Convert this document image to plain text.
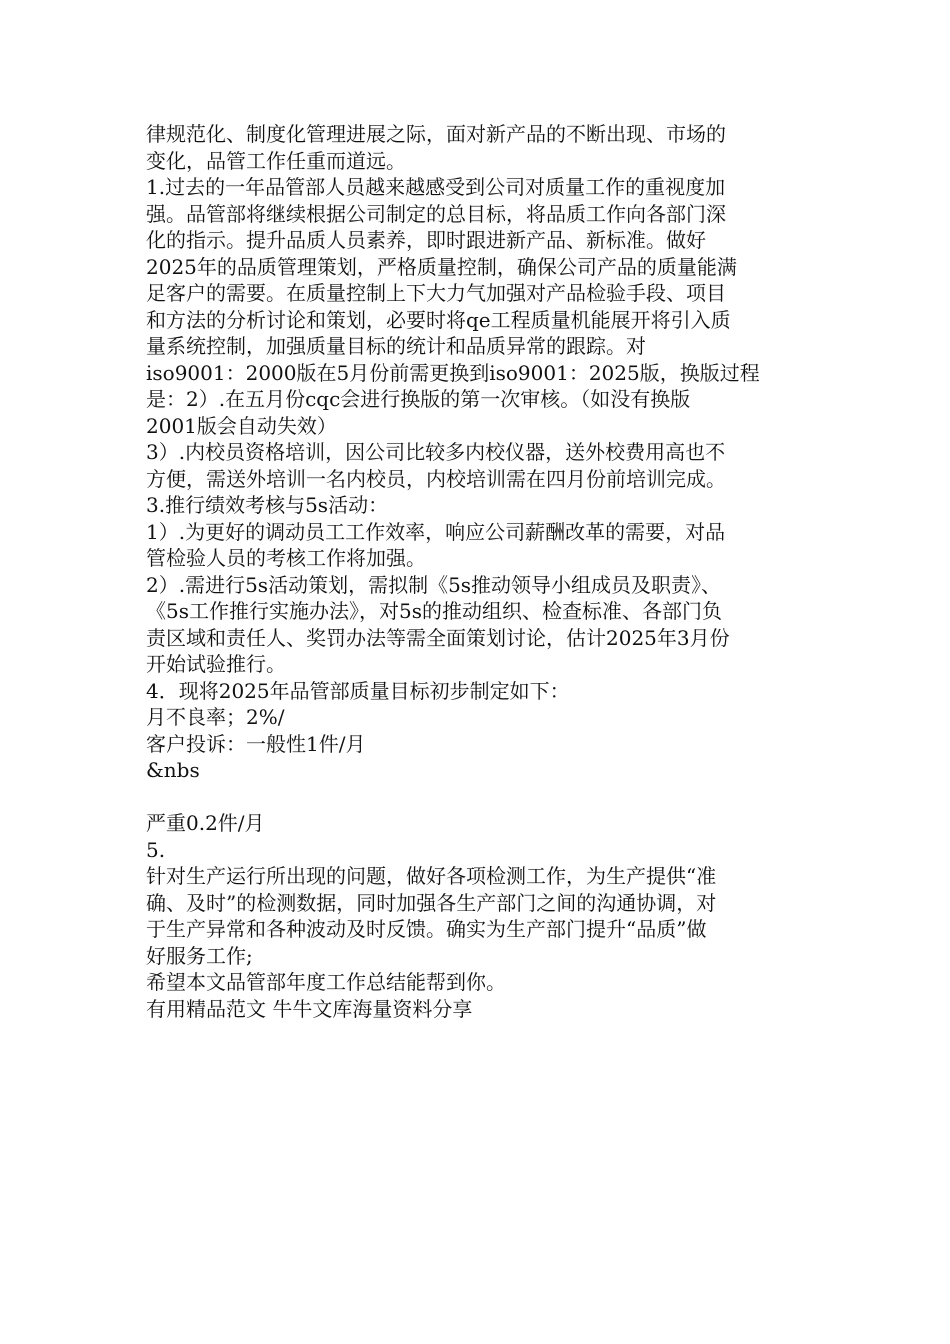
律规范化、制度化管理进展之际，面对新产品的不断出现、市场的
变化，品管工作任重而道远。
1.过去的一年品管部人员越来越感受到公司对质量工作的重视度加
强。品管部将继续根据公司制定的总目标，将品质工作向各部门深
化的指示。提升品质人员素养，即时跟进新产品、新标准。做好
2025年的品质管理策划，严格质量控制，确保公司产品的质量能满
足客户的需要。在质量控制上下大力气加强对产品检验手段、项目
和方法的分析讨论和策划，必要时将qe工程质量机能展开将引入质
量系统控制，加强质量目标的统计和品质异常的跟踪。对
iso9001：2000版在5月份前需更换到iso9001：2025版，换版过程
是：2）.在五月份cqc会进行换版的第一次审核。（如没有换版
2001版会自动失效）
3）.内校员资格培训，因公司比较多内校仪器，送外校费用高也不
方便，需送外培训一名内校员，内校培训需在四月份前培训完成。
3.推行绩效考核与5s活动：
1）.为更好的调动员工工作效率，响应公司薪酬改革的需要，对品
管检验人员的考核工作将加强。
2）.需进行5s活动策划，需拟制《5s推动领导小组成员及职责》、
《5s工作推行实施办法》，对5s的推动组织、检查标准、各部门负
责区域和责任人、奖罚办法等需全面策划讨论，估计2025年3月份
开始试验推行。
4．现将2025年品管部质量目标初步制定如下：
月不良率；2%/
客户投诉：一般性1件/月
&nbs
严重0.2件/月
5.
针对生产运行所出现的问题，做好各项检测工作，为生产提供“准
确、及时”的检测数据，同时加强各生产部门之间的沟通协调，对
于生产异常和各种波动及时反馈。确实为生产部门提升“品质”做
好服务工作;
希望本文品管部年度工作总结能帮到你。
有用精品范文 牛牛文库海量资料分享
